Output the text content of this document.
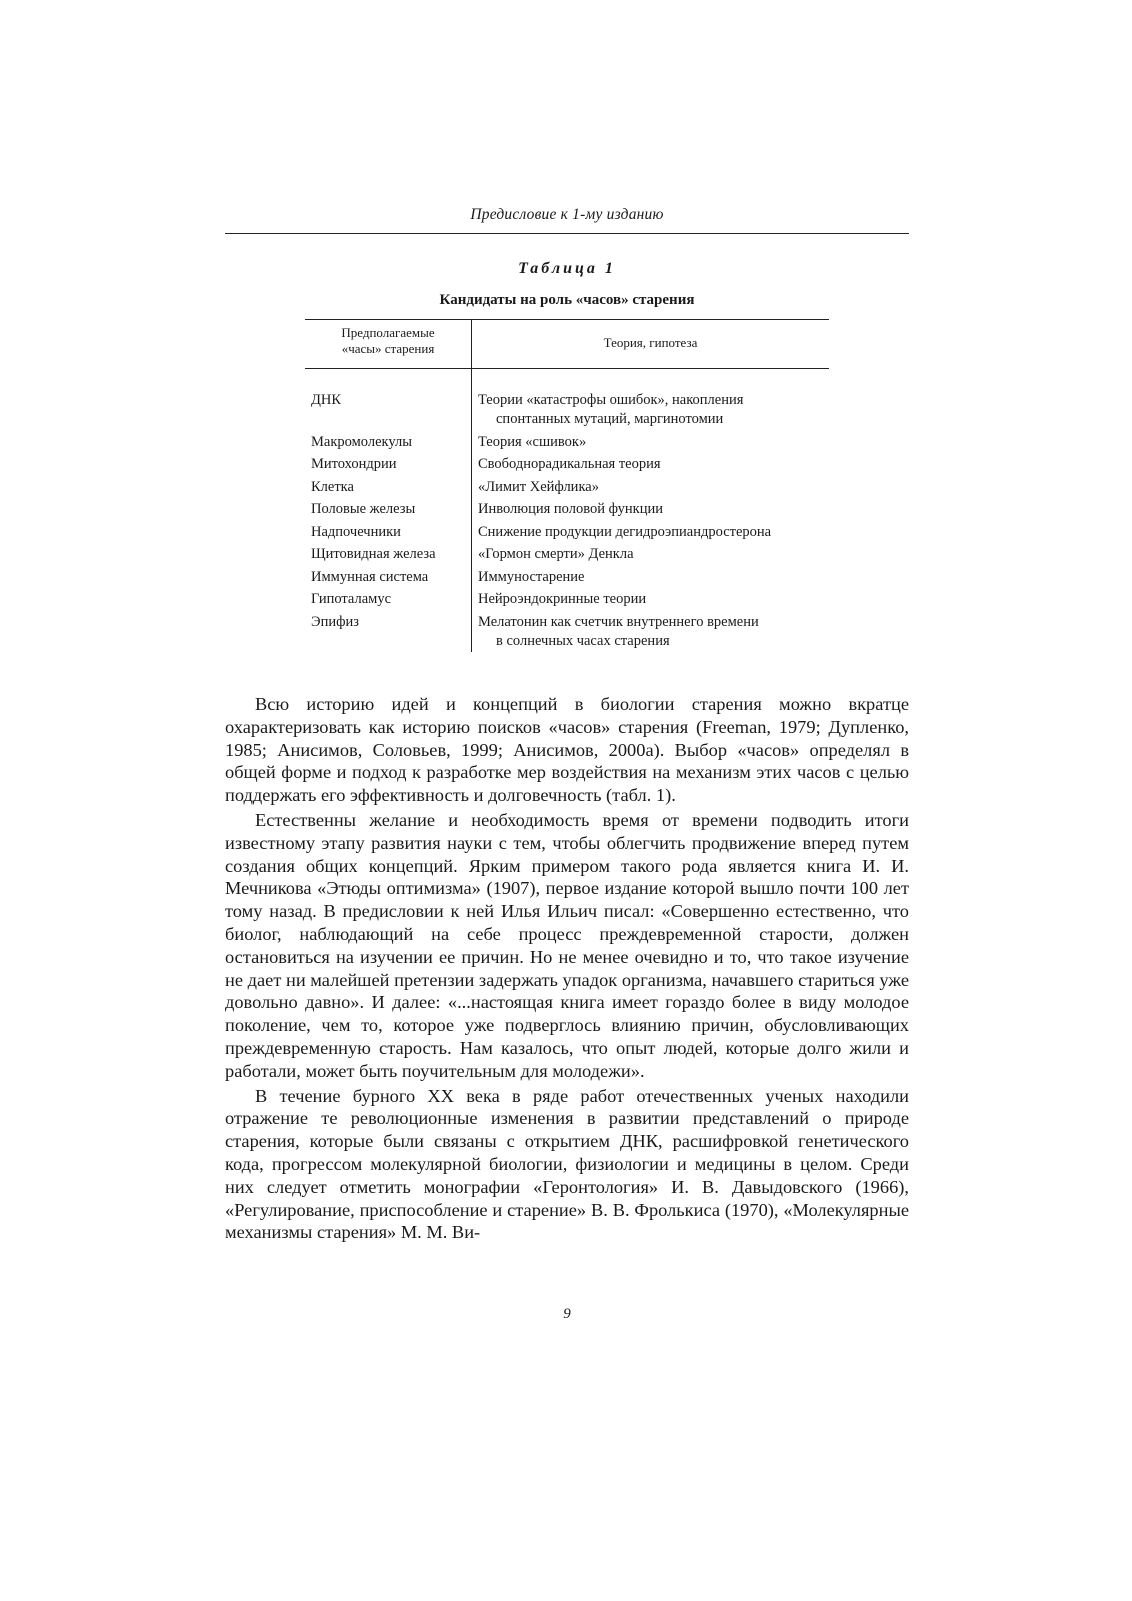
Предисловие к 1-му изданию
Таблица 1
Кандидаты на роль «часов» старения
Предполагаемые
«часы» старения	Теория, гипотеза
ДНК	Теории «катастрофы ошибок», накопления
спонтанных мутаций, маргинотомии
Макромолекулы	Теория «сшивок»
Митохондрии	Свободнорадикальная теория
Клетка	«Лимит Хейфлика»
Половые железы	Инволюция половой функции
Надпочечники	Снижение продукции дегидроэпиандростерона
Щитовидная железа	«Гормон смерти» Денкла
Иммунная система	Иммуностарение
Гипоталамус	Нейроэндокринные теории
Эпифиз	Мелатонин как счетчик внутреннего времени
в солнечных часах старения

Всю историю идей и концепций в биологии старения можно вкратце охарактеризовать как историю поисков «часов» старения (Freeman, 1979; Дупленко, 1985; Анисимов, Соловьев, 1999; Анисимов, 2000а). Выбор «часов» определял в общей форме и подход к разработке мер воздействия на механизм этих часов с целью поддержать его эффективность и долговечность (табл. 1).

Естественны желание и необходимость время от времени подводить итоги известному этапу развития науки с тем, чтобы облегчить продвижение вперед путем создания общих концепций. Ярким примером такого рода является книга И. И. Мечникова «Этюды оптимизма» (1907), первое издание которой вышло почти 100 лет тому назад. В предисловии к ней Илья Ильич писал: «Совершенно естественно, что биолог, наблюдающий на себе процесс преждевременной старости, должен остановиться на изучении ее причин. Но не менее очевидно и то, что такое изучение не дает ни малейшей претензии задержать упадок организма, начавшего стариться уже довольно давно». И далее: «...настоящая книга имеет гораздо более в виду молодое поколение, чем то, которое уже подверглось влиянию причин, обусловливающих преждевременную старость. Нам казалось, что опыт людей, которые долго жили и работали, может быть поучительным для молодежи».

В течение бурного XX века в ряде работ отечественных ученых находили отражение те революционные изменения в развитии представлений о природе старения, которые были связаны с открытием ДНК, расшифровкой генетического кода, прогрессом молекулярной биологии, физиологии и медицины в целом. Среди них следует отметить монографии «Геронтология» И. В. Давыдовского (1966), «Регулирование, приспособление и старение» В. В. Фролькиса (1970), «Молекулярные механизмы старения» М. М. Ви-

9
